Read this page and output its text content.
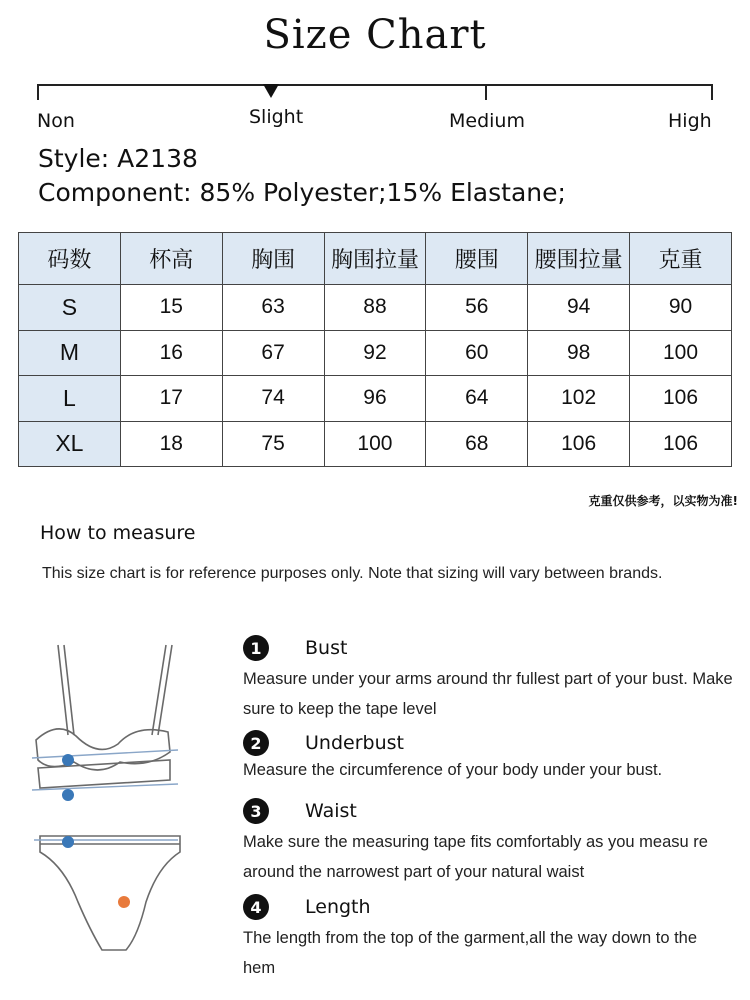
Size Chart
Non	Slight	Medium	High
Style: A2138
Component: 85% Polyester;15% Elastane;
码数	杯高	胸围	胸围拉量	腰围	腰围拉量	克重
S	15	63	88	56	94	90
M	16	67	92	60	98	100
L	17	74	96	64	102	106
XL	18	75	100	68	106	106
克重仅供参考，以实物为准!
How to measure
This size chart is for reference purposes only. Note that sizing will vary between brands.
1	Bust
Measure under your arms around thr fullest part of your bust. Make sure to keep the tape level
2	Underbust
Measure the circumference of your body under your bust.
3	Waist
Make sure the measuring tape fits comfortably as you measu re around the narrowest part of your natural waist
4	Length
The length from the top of the garment,all the way down to the hem
